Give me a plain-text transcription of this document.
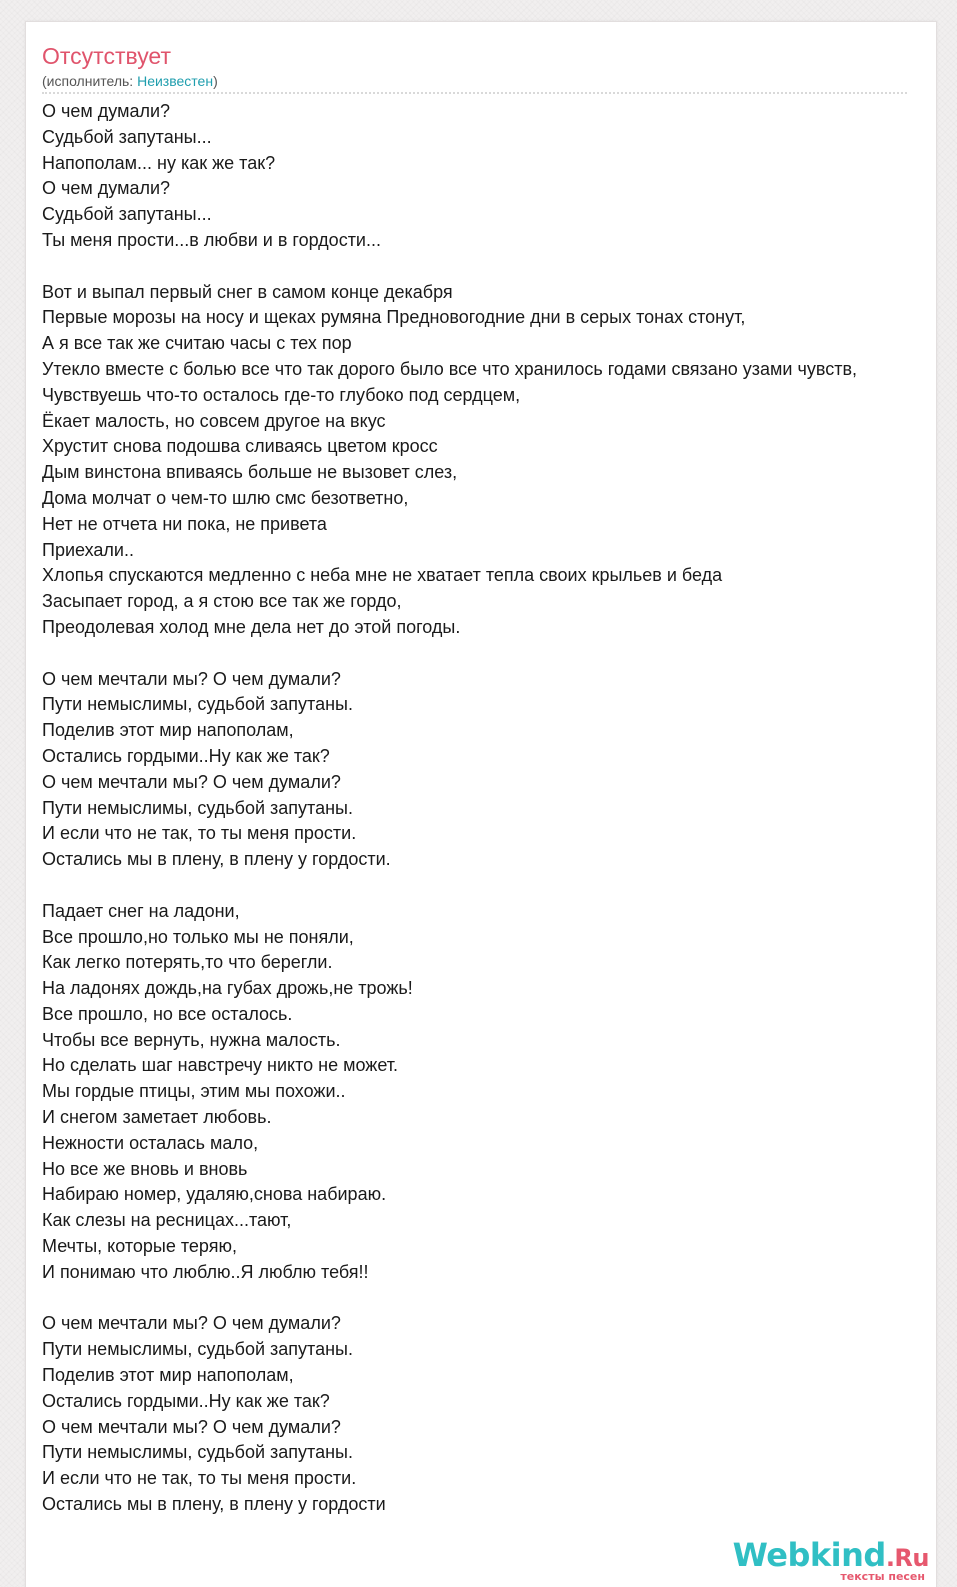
Отсутствует
(исполнитель: Неизвестен)
О чем думали?
Судьбой запутаны...
Напополам... ну как же так?
О чем думали?
Судьбой запутаны...
Ты меня прости...в любви и в гордости...

Вот и выпал первый снег в самом конце декабря
Первые морозы на носу и щеках румяна Предновогодние дни в серых тонах стонут,
А я все так же считаю часы с тех пор
Утекло вместе с болью все что так дорого было все что хранилось годами связано узами чувств,
Чувствуешь что-то осталось где-то глубоко под сердцем,
Ёкает малость, но совсем другое на вкус
Хрустит снова подошва сливаясь цветом кросс
Дым винстона впиваясь больше не вызовет слез,
Дома молчат о чем-то шлю смс безответно,
Нет не отчета ни пока, не привета
Приехали..
Хлопья спускаются медленно с неба мне не хватает тепла своих крыльев и беда
Засыпает город, а я стою все так же гордо,
Преодолевая холод мне дела нет до этой погоды.

О чем мечтали мы? О чем думали?
Пути немыслимы, судьбой запутаны.
Поделив этот мир напополам,
Остались гордыми..Ну как же так?
О чем мечтали мы? О чем думали?
Пути немыслимы, судьбой запутаны.
И если что не так, то ты меня прости.
Остались мы в плену, в плену у гордости.

Падает снег на ладони,
Все прошло,но только мы не поняли,
Как легко потерять,то что берегли.
На ладонях дождь,на губах дрожь,не трожь!
Все прошло, но все осталось.
Чтобы все вернуть, нужна малость.
Но сделать шаг навстречу никто не может.
Мы гордые птицы, этим мы похожи..
И снегом заметает любовь.
Нежности осталась мало,
Но все же вновь и вновь
Набираю номер, удаляю,снова набираю.
Как слезы на ресницах...тают,
Мечты, которые теряю,
И понимаю что люблю..Я люблю тебя!!

О чем мечтали мы? О чем думали?
Пути немыслимы, судьбой запутаны.
Поделив этот мир напополам,
Остались гордыми..Ну как же так?
О чем мечтали мы? О чем думали?
Пути немыслимы, судьбой запутаны.
И если что не так, то ты меня прости.
Остались мы в плену, в плену у гордости
Webkind.Ru
тексты песен
